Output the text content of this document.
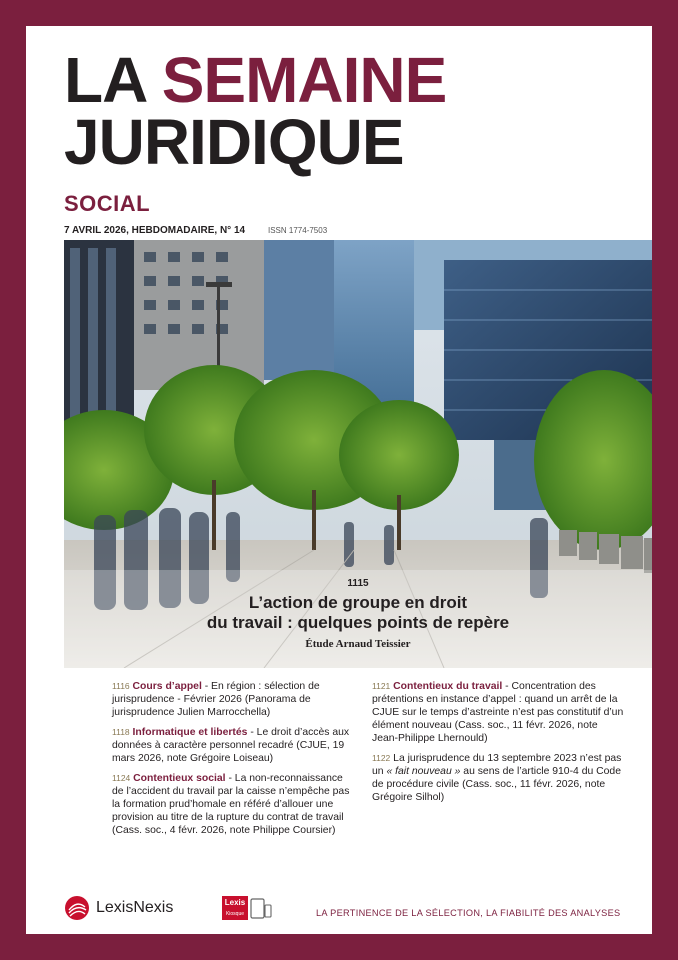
LA SEMAINE
JURIDIQUE
SOCIAL
7 AVRIL 2026, HEBDOMADAIRE, N° 14	ISSN 1774-7503
1115
L’action de groupe en droit
du travail : quelques points de repère
Étude Arnaud Teissier
1116 Cours d’appel - En région : sélection de jurisprudence - Février 2026 (Panorama de jurisprudence Julien Marrocchella)
1118 Informatique et libertés - Le droit d’accès aux données à caractère personnel recadré (CJUE, 19 mars 2026, note Grégoire Loiseau)
1124 Contentieux social - La non-reconnaissance de l’accident du travail par la caisse n’empêche pas la formation prud’homale en référé d’allouer une provision au titre de la rupture du contrat de travail (Cass. soc., 4 févr. 2026, note Philippe Coursier)
1121 Contentieux du travail - Concentration des prétentions en instance d’appel : quand un arrêt de la CJUE sur le temps d’astreinte n’est pas constitutif d’un élément nouveau (Cass. soc., 11 févr. 2026, note Jean-Philippe Lhernould)
1122 La jurisprudence du 13 septembre 2023 n’est pas un « fait nouveau » au sens de l’article 910-4 du Code de procédure civile (Cass. soc., 11 févr. 2026, note Grégoire Silhol)
LexisNexis	Lexis
Kiosque	LA PERTINENCE DE LA SÉLECTION, LA FIABILITÉ DES ANALYSES
